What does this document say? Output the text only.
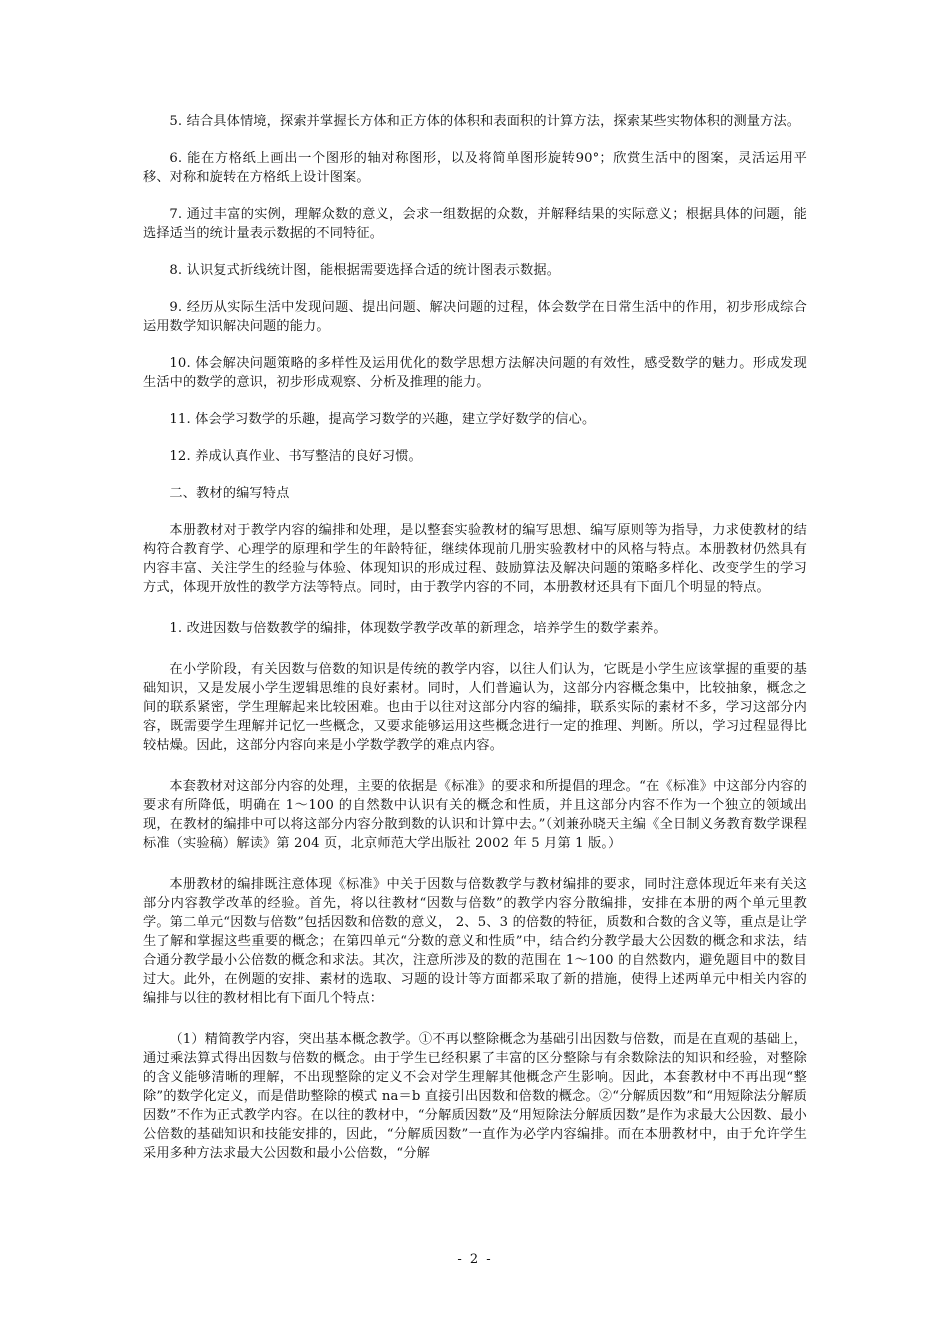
5. 结合具体情境，探索并掌握长方体和正方体的体积和表面积的计算方法，探索某些实物体积的测量方法。

6. 能在方格纸上画出一个图形的轴对称图形，以及将简单图形旋转90°；欣赏生活中的图案，灵活运用平移、对称和旋转在方格纸上设计图案。

7. 通过丰富的实例，理解众数的意义，会求一组数据的众数，并解释结果的实际意义；根据具体的问题，能选择适当的统计量表示数据的不同特征。

8. 认识复式折线统计图，能根据需要选择合适的统计图表示数据。

9. 经历从实际生活中发现问题、提出问题、解决问题的过程，体会数学在日常生活中的作用，初步形成综合运用数学知识解决问题的能力。

10. 体会解决问题策略的多样性及运用优化的数学思想方法解决问题的有效性，感受数学的魅力。形成发现生活中的数学的意识，初步形成观察、分析及推理的能力。

11. 体会学习数学的乐趣，提高学习数学的兴趣，建立学好数学的信心。

12. 养成认真作业、书写整洁的良好习惯。

二、教材的编写特点

本册教材对于教学内容的编排和处理，是以整套实验教材的编写思想、编写原则等为指导，力求使教材的结构符合教育学、心理学的原理和学生的年龄特征，继续体现前几册实验教材中的风格与特点。本册教材仍然具有内容丰富、关注学生的经验与体验、体现知识的形成过程、鼓励算法及解决问题的策略多样化、改变学生的学习方式，体现开放性的教学方法等特点。同时，由于教学内容的不同，本册教材还具有下面几个明显的特点。

1. 改进因数与倍数教学的编排，体现数学教学改革的新理念，培养学生的数学素养。

在小学阶段，有关因数与倍数的知识是传统的教学内容，以往人们认为，它既是小学生应该掌握的重要的基础知识，又是发展小学生逻辑思维的良好素材。同时，人们普遍认为，这部分内容概念集中，比较抽象，概念之间的联系紧密，学生理解起来比较困难。也由于以往对这部分内容的编排，联系实际的素材不多，学习这部分内容，既需要学生理解并记忆一些概念，又要求能够运用这些概念进行一定的推理、判断。所以，学习过程显得比较枯燥。因此，这部分内容向来是小学数学教学的难点内容。

本套教材对这部分内容的处理，主要的依据是《标准》的要求和所提倡的理念。“在《标准》中这部分内容的要求有所降低，明确在 1～100 的自然数中认识有关的概念和性质，并且这部分内容不作为一个独立的领域出现，在教材的编排中可以将这部分内容分散到数的认识和计算中去。”（刘兼孙晓天主编《全日制义务教育数学课程标准（实验稿）解读》第 204 页，北京师范大学出版社 2002 年 5 月第 1 版。）

本册教材的编排既注意体现《标准》中关于因数与倍数教学与教材编排的要求，同时注意体现近年来有关这部分内容教学改革的经验。首先，将以往教材“因数与倍数”的教学内容分散编排，安排在本册的两个单元里教学。第二单元“因数与倍数”包括因数和倍数的意义， 2、5、3 的倍数的特征，质数和合数的含义等，重点是让学生了解和掌握这些重要的概念；在第四单元“分数的意义和性质”中，结合约分教学最大公因数的概念和求法，结合通分教学最小公倍数的概念和求法。其次，注意所涉及的数的范围在 1～100 的自然数内，避免题目中的数目过大。此外，在例题的安排、素材的选取、习题的设计等方面都采取了新的措施，使得上述两单元中相关内容的编排与以往的教材相比有下面几个特点：

（1）精简教学内容，突出基本概念教学。①不再以整除概念为基础引出因数与倍数，而是在直观的基础上，通过乘法算式得出因数与倍数的概念。由于学生已经积累了丰富的区分整除与有余数除法的知识和经验，对整除的含义能够清晰的理解，不出现整除的定义不会对学生理解其他概念产生影响。因此，本套教材中不再出现“整除”的数学化定义，而是借助整除的模式 na＝b 直接引出因数和倍数的概念。②“分解质因数”和“用短除法分解质因数”不作为正式教学内容。在以往的教材中，“分解质因数”及“用短除法分解质因数”是作为求最大公因数、最小公倍数的基础知识和技能安排的，因此，“分解质因数”一直作为必学内容编排。而在本册教材中，由于允许学生采用多种方法求最大公因数和最小公倍数，“分解

- 2 -
